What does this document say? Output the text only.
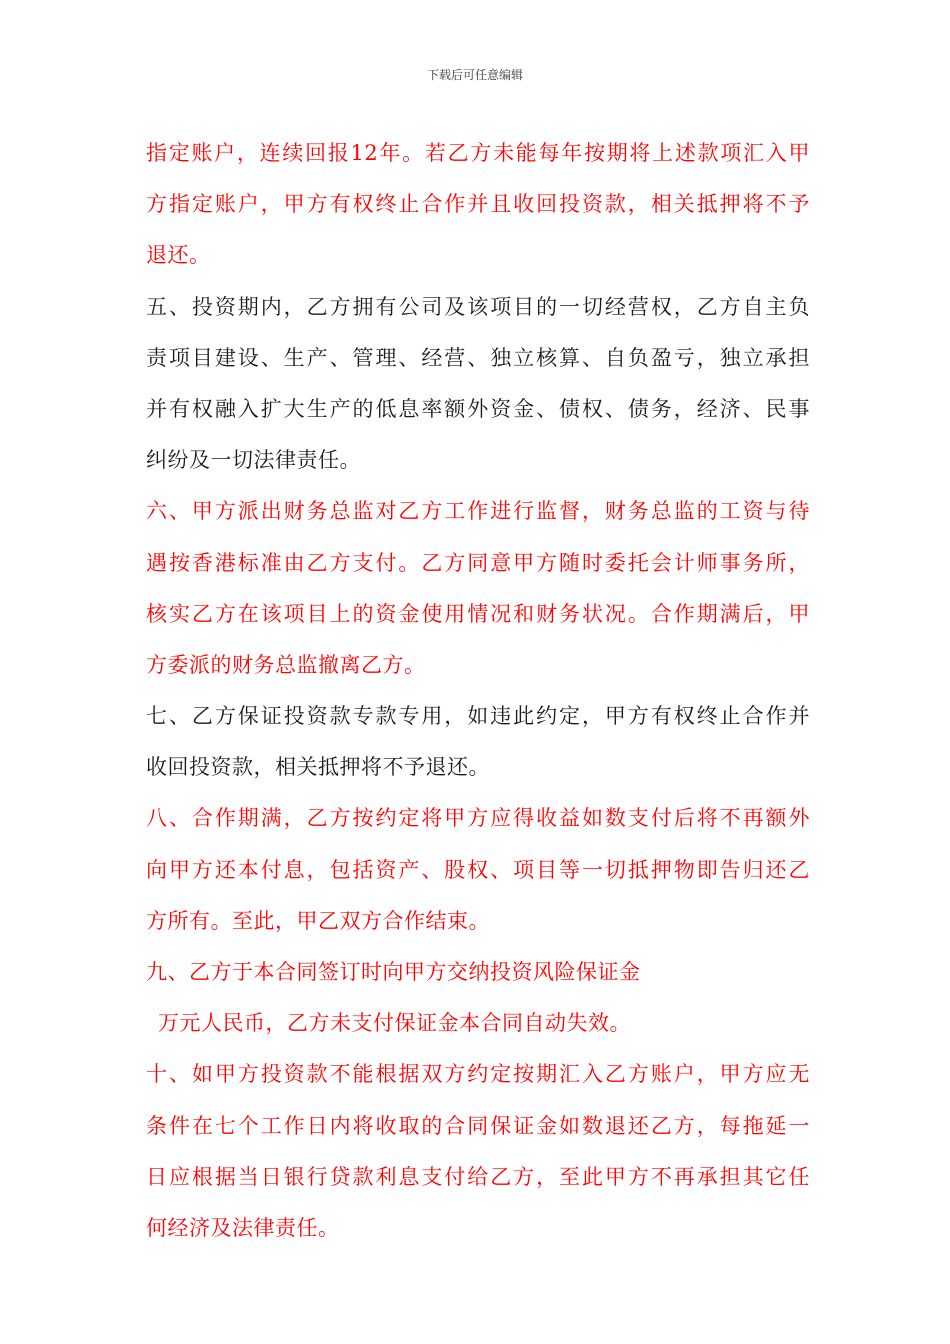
下载后可任意编辑
指定账户，连续回报12年。若乙方未能每年按期将上述款项汇入甲
方指定账户，甲方有权终止合作并且收回投资款，相关抵押将不予
退还。
五、投资期内，乙方拥有公司及该项目的一切经营权，乙方自主负
责项目建设、生产、管理、经营、独立核算、自负盈亏，独立承担
并有权融入扩大生产的低息率额外资金、债权、债务，经济、民事
纠纷及一切法律责任。
六、甲方派出财务总监对乙方工作进行监督，财务总监的工资与待
遇按香港标准由乙方支付。乙方同意甲方随时委托会计师事务所，
核实乙方在该项目上的资金使用情况和财务状况。合作期满后，甲
方委派的财务总监撤离乙方。
七、乙方保证投资款专款专用，如违此约定，甲方有权终止合作并
收回投资款，相关抵押将不予退还。
八、合作期满，乙方按约定将甲方应得收益如数支付后将不再额外
向甲方还本付息，包括资产、股权、项目等一切抵押物即告归还乙
方所有。至此，甲乙双方合作结束。
九、乙方于本合同签订时向甲方交纳投资风险保证金
万元人民币，乙方未支付保证金本合同自动失效。
十、如甲方投资款不能根据双方约定按期汇入乙方账户，甲方应无
条件在七个工作日内将收取的合同保证金如数退还乙方，每拖延一
日应根据当日银行贷款利息支付给乙方，至此甲方不再承担其它任
何经济及法律责任。
